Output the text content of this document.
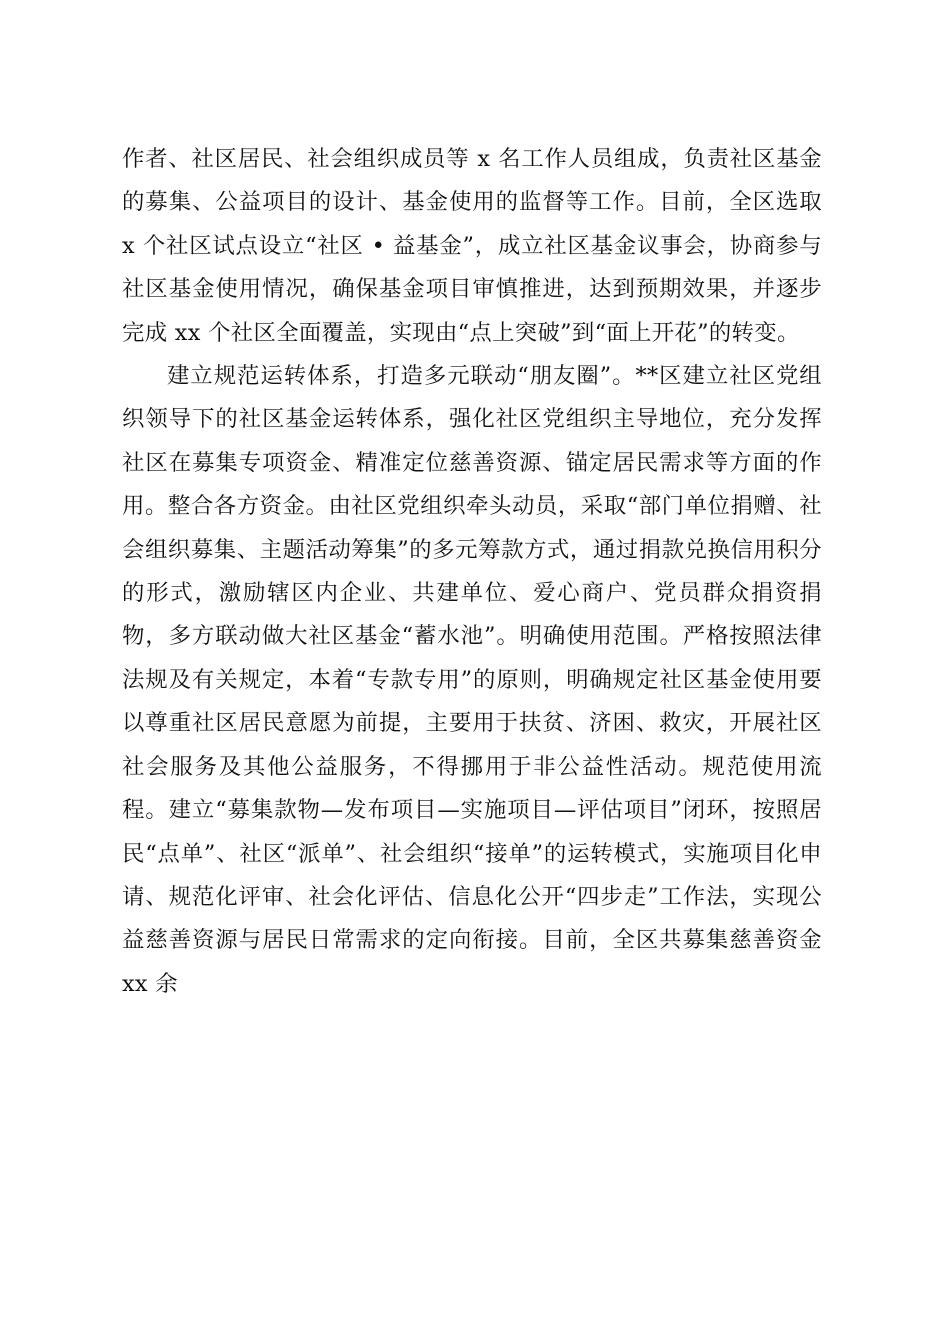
作者、社区居民、社会组织成员等 x 名工作人员组成，负责社区基金的募集、公益项目的设计、基金使用的监督等工作。目前，全区选取 x 个社区试点设立“社区 • 益基金”，成立社区基金议事会，协商参与社区基金使用情况，确保基金项目审慎推进，达到预期效果，并逐步完成 xx 个社区全面覆盖，实现由“点上突破”到“面上开花”的转变。

建立规范运转体系，打造多元联动“朋友圈”。**区建立社区党组织领导下的社区基金运转体系，强化社区党组织主导地位，充分发挥社区在募集专项资金、精准定位慈善资源、锚定居民需求等方面的作用。整合各方资金。由社区党组织牵头动员，采取“部门单位捐赠、社会组织募集、主题活动筹集”的多元筹款方式，通过捐款兑换信用积分的形式，激励辖区内企业、共建单位、爱心商户、党员群众捐资捐物，多方联动做大社区基金“蓄水池”。明确使用范围。严格按照法律法规及有关规定，本着“专款专用”的原则，明确规定社区基金使用要以尊重社区居民意愿为前提，主要用于扶贫、济困、救灾，开展社区社会服务及其他公益服务，不得挪用于非公益性活动。规范使用流程。建立“募集款物—发布项目—实施项目—评估项目”闭环，按照居民“点单”、社区“派单”、社会组织“接单”的运转模式，实施项目化申请、规范化评审、社会化评估、信息化公开“四步走”工作法，实现公益慈善资源与居民日常需求的定向衔接。目前，全区共募集慈善资金 xx 余
